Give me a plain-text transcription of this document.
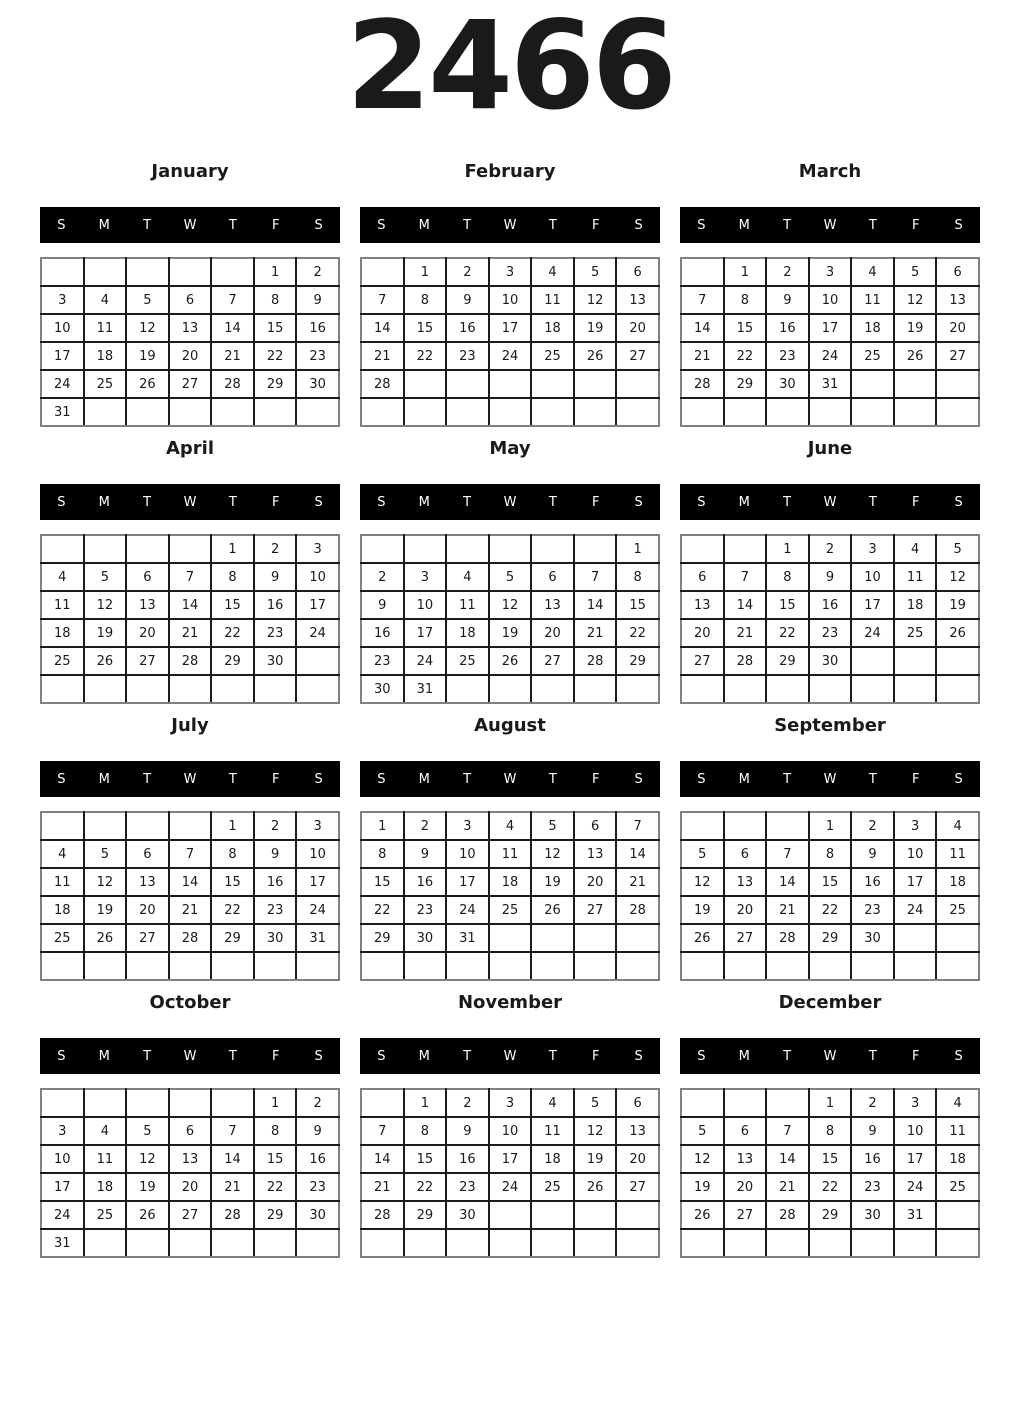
2466
January
S	M	T	W	T	F	S
					1	2
3	4	5	6	7	8	9
10	11	12	13	14	15	16
17	18	19	20	21	22	23
24	25	26	27	28	29	30
31						
February
S	M	T	W	T	F	S
	1	2	3	4	5	6
7	8	9	10	11	12	13
14	15	16	17	18	19	20
21	22	23	24	25	26	27
28						

March
S	M	T	W	T	F	S
	1	2	3	4	5	6
7	8	9	10	11	12	13
14	15	16	17	18	19	20
21	22	23	24	25	26	27
28	29	30	31			

April
S	M	T	W	T	F	S
				1	2	3
4	5	6	7	8	9	10
11	12	13	14	15	16	17
18	19	20	21	22	23	24
25	26	27	28	29	30	

May
S	M	T	W	T	F	S
						1
2	3	4	5	6	7	8
9	10	11	12	13	14	15
16	17	18	19	20	21	22
23	24	25	26	27	28	29
30	31					
June
S	M	T	W	T	F	S
		1	2	3	4	5
6	7	8	9	10	11	12
13	14	15	16	17	18	19
20	21	22	23	24	25	26
27	28	29	30			

July
S	M	T	W	T	F	S
				1	2	3
4	5	6	7	8	9	10
11	12	13	14	15	16	17
18	19	20	21	22	23	24
25	26	27	28	29	30	31

August
S	M	T	W	T	F	S
1	2	3	4	5	6	7
8	9	10	11	12	13	14
15	16	17	18	19	20	21
22	23	24	25	26	27	28
29	30	31				

September
S	M	T	W	T	F	S
			1	2	3	4
5	6	7	8	9	10	11
12	13	14	15	16	17	18
19	20	21	22	23	24	25
26	27	28	29	30		

October
S	M	T	W	T	F	S
					1	2
3	4	5	6	7	8	9
10	11	12	13	14	15	16
17	18	19	20	21	22	23
24	25	26	27	28	29	30
31						
November
S	M	T	W	T	F	S
	1	2	3	4	5	6
7	8	9	10	11	12	13
14	15	16	17	18	19	20
21	22	23	24	25	26	27
28	29	30				

December
S	M	T	W	T	F	S
			1	2	3	4
5	6	7	8	9	10	11
12	13	14	15	16	17	18
19	20	21	22	23	24	25
26	27	28	29	30	31	
